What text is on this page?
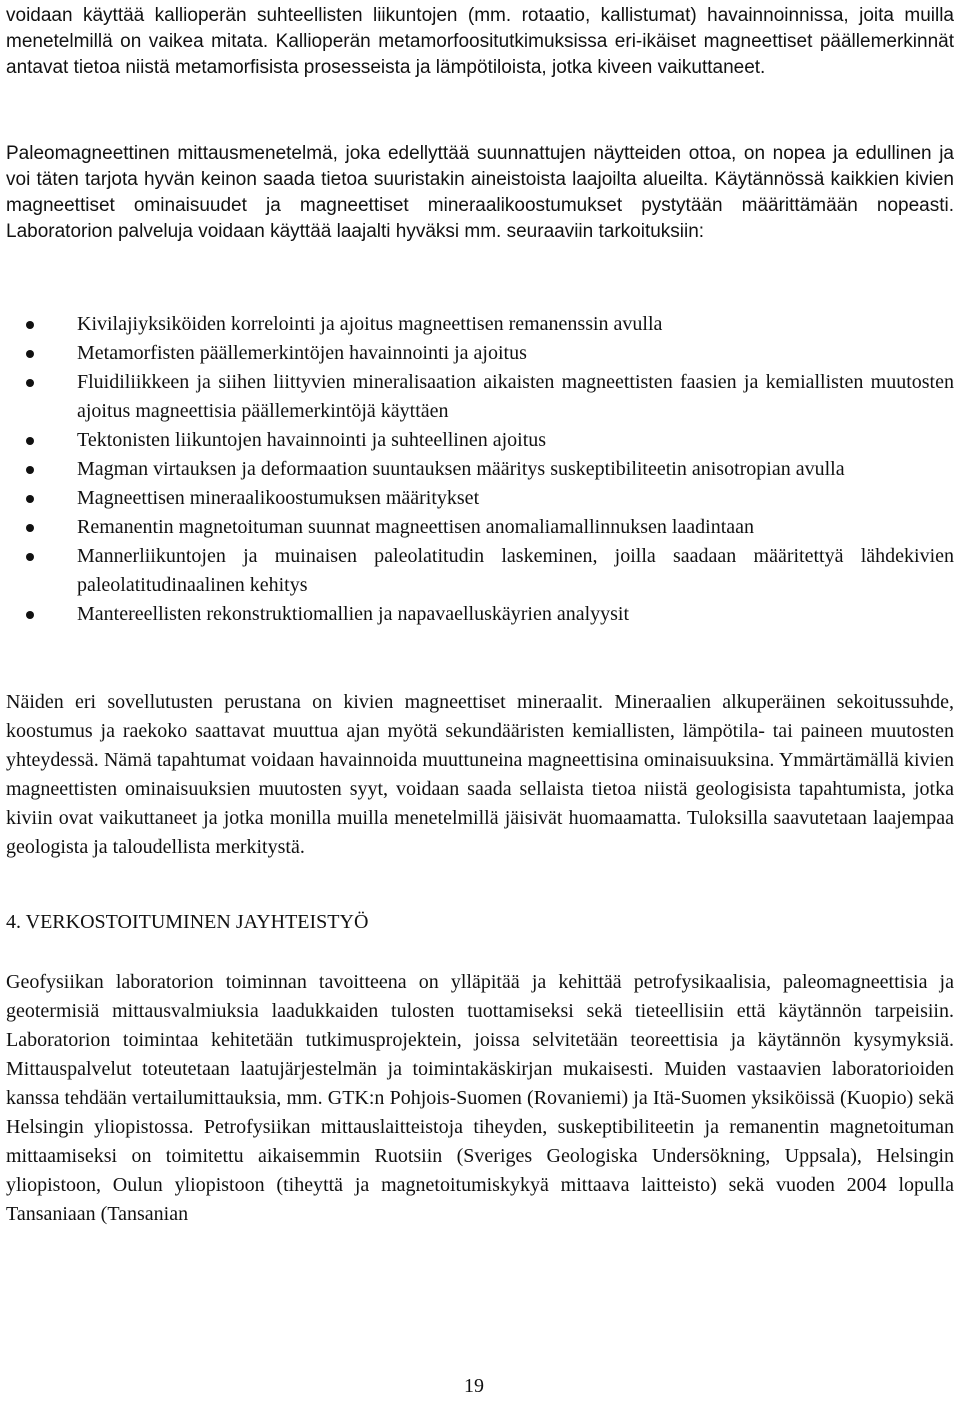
voidaan käyttää kallioperän suhteellisten liikuntojen (mm. rotaatio, kallistumat) havainnoinnissa, joita muilla menetelmillä on vaikea mitata. Kallioperän metamorfoositutkimuksissa eri-ikäiset magneettiset päällemerkinnät antavat tietoa niistä metamorfisista prosesseista ja lämpötiloista, jotka kiveen vaikuttaneet.

Paleomagneettinen mittausmenetelmä, joka edellyttää suunnattujen näytteiden ottoa, on nopea ja edullinen ja voi täten tarjota hyvän keinon saada tietoa suuristakin aineistoista laajoilta alueilta. Käytännössä kaikkien kivien magneettiset ominaisuudet ja magneettiset mineraalikoostumukset pystytään määrittämään nopeasti. Laboratorion palveluja voidaan käyttää laajalti hyväksi mm. seuraaviin tarkoituksiin:

Kivilajiyksiköiden korrelointi ja ajoitus magneettisen remanenssin avulla
Metamorfisten päällemerkintöjen havainnointi ja ajoitus
Fluidiliikkeen ja siihen liittyvien mineralisaation aikaisten magneettisten faasien ja kemiallisten muutosten ajoitus magneettisia päällemerkintöjä käyttäen
Tektonisten liikuntojen havainnointi ja suhteellinen ajoitus
Magman virtauksen ja deformaation suuntauksen määritys suskeptibiliteetin anisotropian avulla
Magneettisen mineraalikoostumuksen määritykset
Remanentin magnetoituman suunnat magneettisen anomaliamallinnuksen laadintaan
Mannerliikuntojen ja muinaisen paleolatitudin laskeminen, joilla saadaan määritettyä lähdekivien paleolatitudinaalinen kehitys
Mantereellisten rekonstruktiomallien ja napavaelluskäyrien analyysit

Näiden eri sovellutusten perustana on kivien magneettiset mineraalit. Mineraalien alkuperäinen sekoitussuhde, koostumus ja raekoko saattavat muuttua ajan myötä sekundääristen kemiallisten, lämpötila- tai paineen muutosten yhteydessä. Nämä tapahtumat voidaan havainnoida muuttuneina magneettisina ominaisuuksina. Ymmärtämällä kivien magneettisten ominaisuuksien muutosten syyt, voidaan saada sellaista tietoa niistä geologisista tapahtumista, jotka kiviin ovat vaikuttaneet ja jotka monilla muilla menetelmillä jäisivät huomaamatta. Tuloksilla saavutetaan laajempaa geologista ja taloudellista merkitystä.

4. VERKOSTOITUMINEN JAYHTEISTYÖ

Geofysiikan laboratorion toiminnan tavoitteena on ylläpitää ja kehittää petrofysikaalisia, paleomagneettisia ja geotermisiä mittausvalmiuksia laadukkaiden tulosten tuottamiseksi sekä tieteellisiin että käytännön tarpeisiin. Laboratorion toimintaa kehitetään tutkimusprojektein, joissa selvitetään teoreettisia ja käytännön kysymyksiä. Mittauspalvelut toteutetaan laatujärjestelmän ja toimintakäskirjan mukaisesti. Muiden vastaavien laboratorioiden kanssa tehdään vertailumittauksia, mm. GTK:n Pohjois-Suomen (Rovaniemi) ja Itä-Suomen yksiköissä (Kuopio) sekä Helsingin yliopistossa. Petrofysiikan mittauslaitteistoja tiheyden, suskeptibiliteetin ja remanentin magnetoituman mittaamiseksi on toimitettu aikaisemmin Ruotsiin (Sveriges Geologiska Undersökning, Uppsala), Helsingin yliopistoon, Oulun yliopistoon (tiheyttä ja magnetoitumiskykyä mittaava laitteisto) sekä vuoden 2004 lopulla Tansaniaan (Tansanian

19
